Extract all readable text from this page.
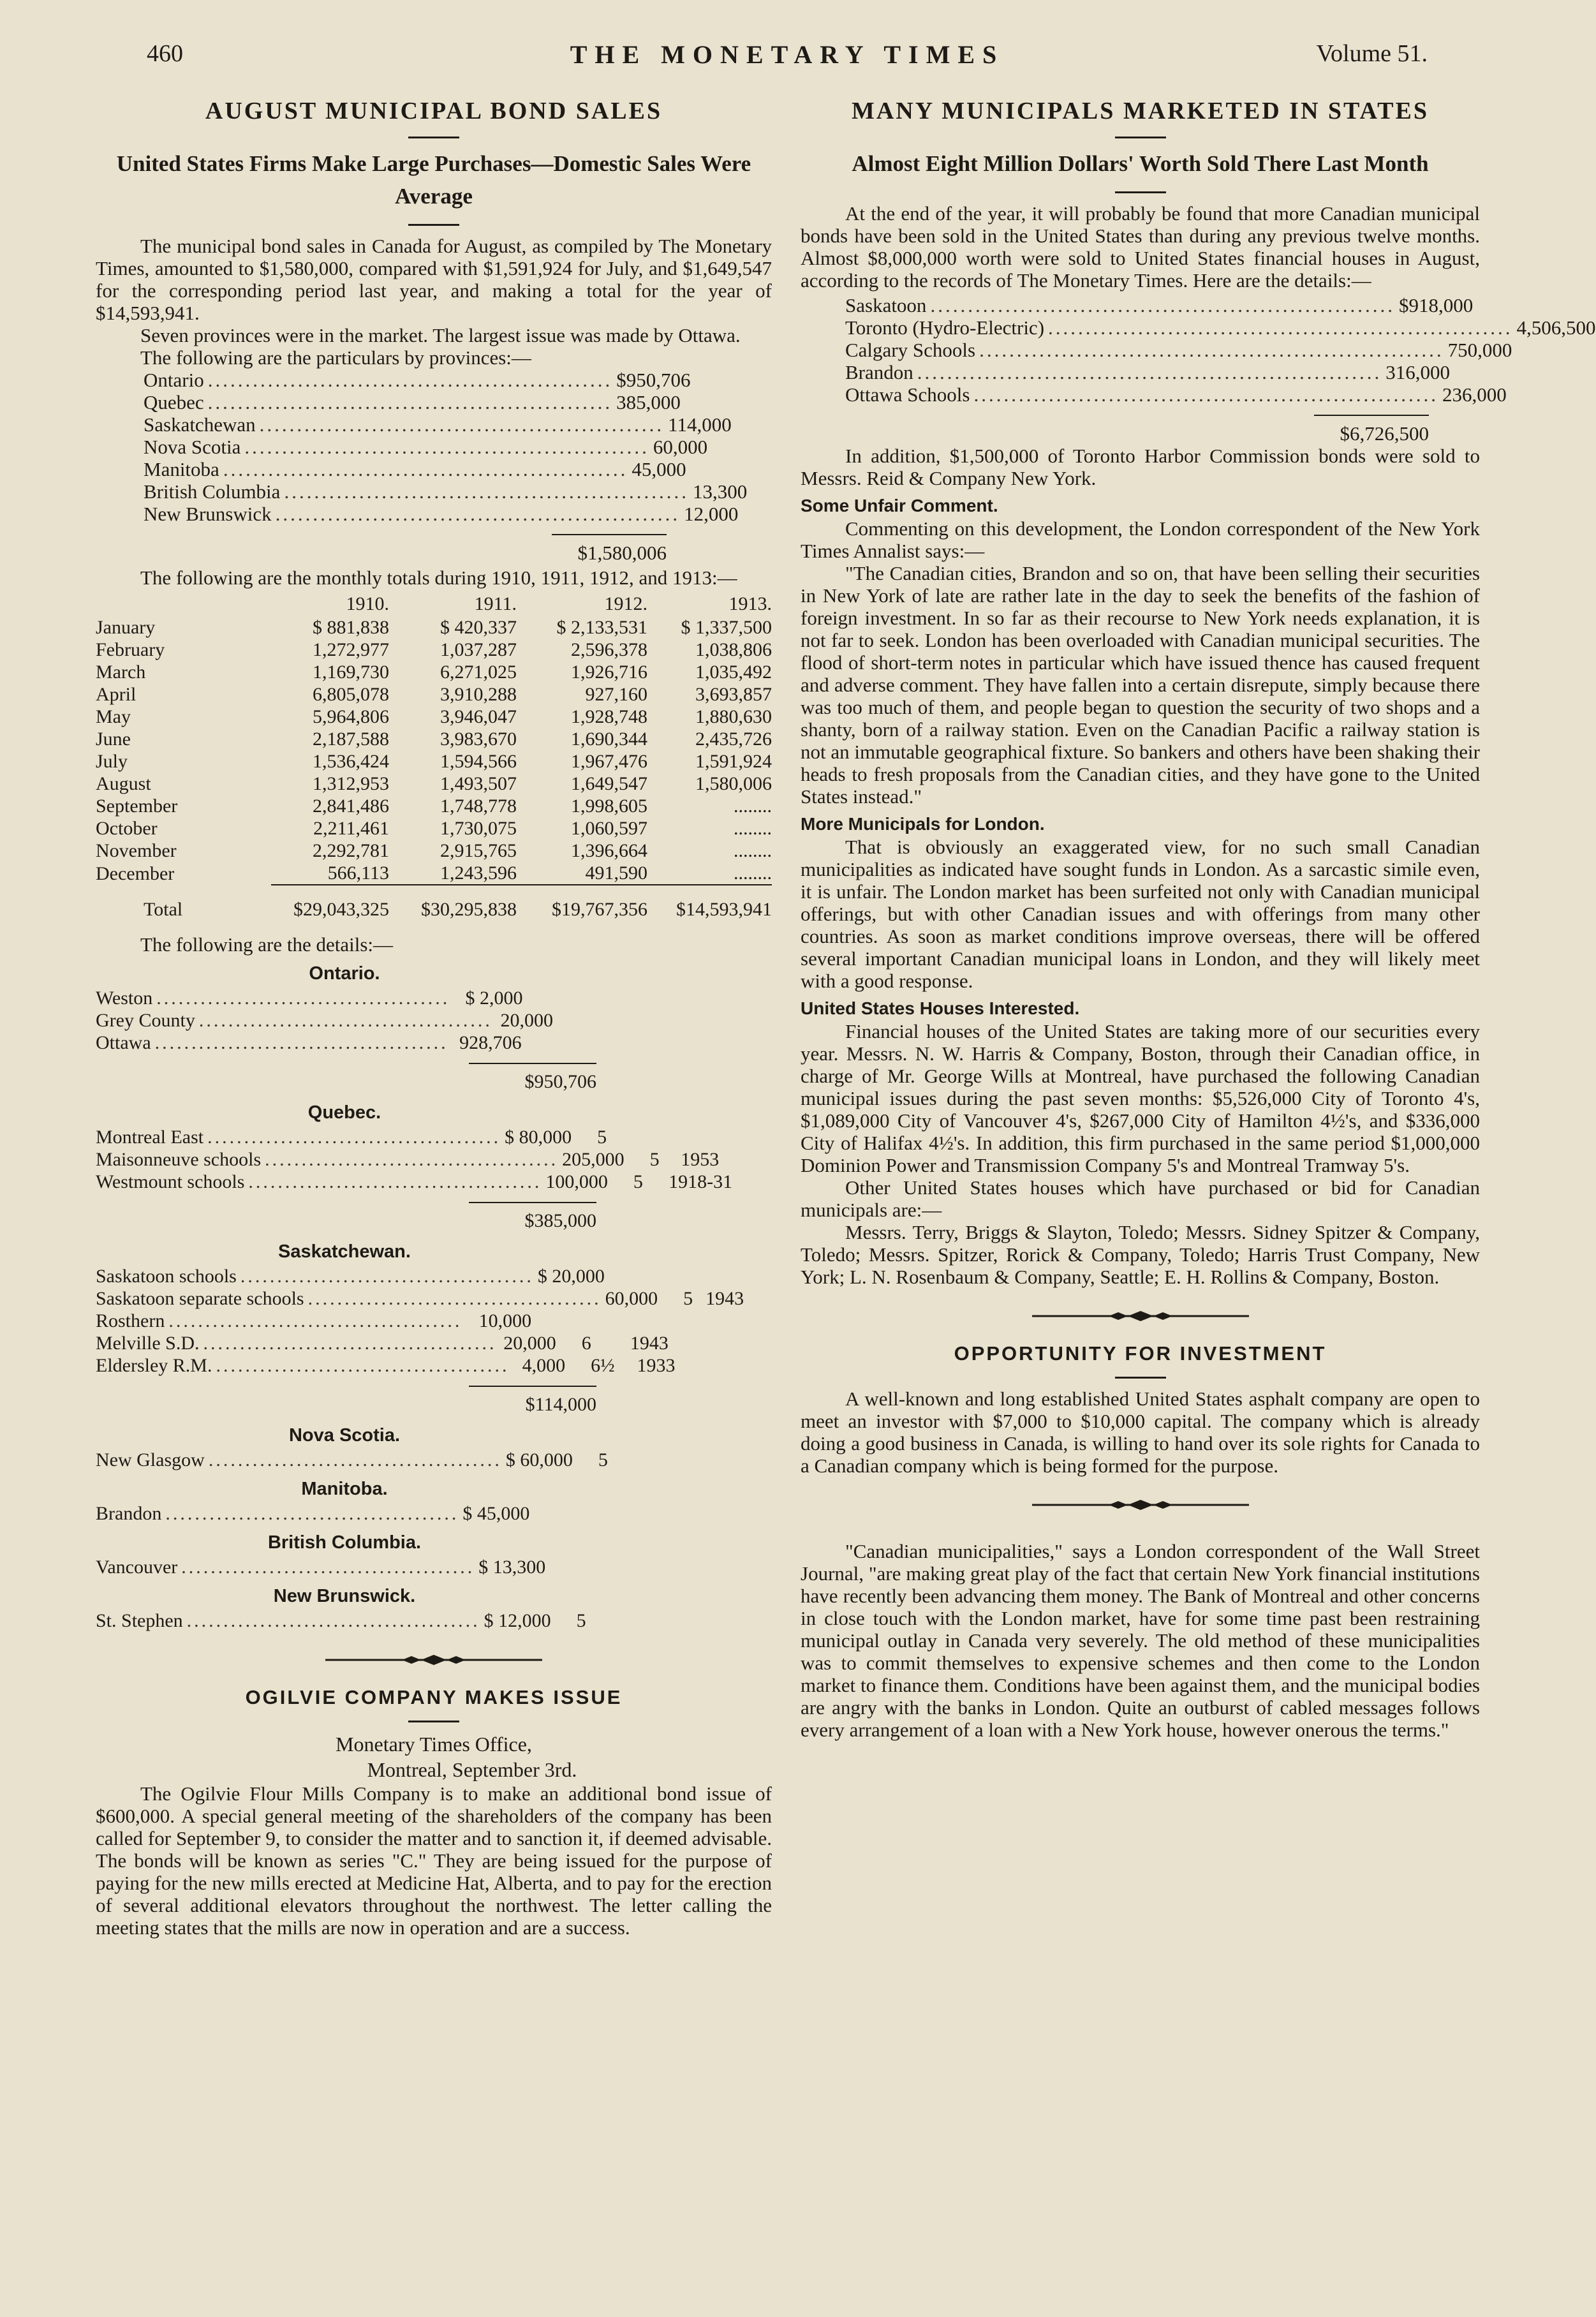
460	THE MONETARY TIMES	Volume 51.
AUGUST MUNICIPAL BOND SALES
United States Firms Make Large Purchases—Domestic Sales Were Average

The municipal bond sales in Canada for August, as compiled by The Monetary Times, amounted to $1,580,000, compared with $1,591,924 for July, and $1,649,547 for the corresponding period last year, and making a total for the year of $14,593,941.

Seven provinces were in the market. The largest issue was made by Ottawa.

The following are the particulars by provinces:—

Ontario ...................................................... $950,706
Quebec ...................................................... 385,000
Saskatchewan ...................................................... 114,000
Nova Scotia ...................................................... 60,000
Manitoba ...................................................... 45,000
British Columbia ...................................................... 13,300
New Brunswick ...................................................... 12,000
$1,580,006

The following are the monthly totals during 1910, 1911, 1912, and 1913:—

	1910.	1911.	1912.	1913.
January	$ 881,838	$ 420,337	$ 2,133,531	$ 1,337,500
February	1,272,977	1,037,287	2,596,378	1,038,806
March	1,169,730	6,271,025	1,926,716	1,035,492
April	6,805,078	3,910,288	927,160	3,693,857
May	5,964,806	3,946,047	1,928,748	1,880,630
June	2,187,588	3,983,670	1,690,344	2,435,726
July	1,536,424	1,594,566	1,967,476	1,591,924
August	1,312,953	1,493,507	1,649,547	1,580,006
September	2,841,486	1,748,778	1,998,605	........
October	2,211,461	1,730,075	1,060,597	........
November	2,292,781	2,915,765	1,396,664	........
December	566,113	1,243,596	491,590	........
Total	$29,043,325	$30,295,838	$19,767,356	$14,593,941

The following are the details:—

Ontario.
Weston ........................................ $ 2,000
Grey County ........................................ 20,000
Ottawa ........................................ 928,706
$950,706
Quebec.
Montreal East ........................................ $ 80,000	5
Maisonneuve schools ........................................ 205,000	5	1953
Westmount schools ........................................ 100,000	5	1918-31
$385,000
Saskatchewan.
Saskatoon schools ........................................ $ 20,000
Saskatoon separate schools ........................................ 60,000	5 1943
Rosthern ........................................ 10,000
Melville S.D. ........................................ 20,000	6	1943
Eldersley R.M. ........................................ 4,000	6½	1933
$114,000
Nova Scotia.
New Glasgow ........................................ $ 60,000	5
Manitoba.
Brandon ........................................ $ 45,000
British Columbia.
Vancouver ........................................ $ 13,300
New Brunswick.
St. Stephen ........................................ $ 12,000	5
OGILVIE COMPANY MAKES ISSUE
Monetary Times Office,
Montreal, September 3rd.

The Ogilvie Flour Mills Company is to make an additional bond issue of $600,000. A special general meeting of the shareholders of the company has been called for September 9, to consider the matter and to sanction it, if deemed advisable. The bonds will be known as series "C." They are being issued for the purpose of paying for the new mills erected at Medicine Hat, Alberta, and to pay for the erection of several additional elevators throughout the northwest. The letter calling the meeting states that the mills are now in operation and are a success.

MANY MUNICIPALS MARKETED IN STATES
Almost Eight Million Dollars' Worth Sold There Last Month

At the end of the year, it will probably be found that more Canadian municipal bonds have been sold in the United States than during any previous twelve months. Almost $8,000,000 worth were sold to United States financial houses in August, according to the records of The Monetary Times. Here are the details:—

Saskatoon .............................................................. $918,000
Toronto (Hydro-Electric) .............................................................. 4,506,500
Calgary Schools .............................................................. 750,000
Brandon .............................................................. 316,000
Ottawa Schools .............................................................. 236,000
$6,726,500

In addition, $1,500,000 of Toronto Harbor Commission bonds were sold to Messrs. Reid & Company New York.

Some Unfair Comment.

Commenting on this development, the London correspondent of the New York Times Annalist says:—

"The Canadian cities, Brandon and so on, that have been selling their securities in New York of late are rather late in the day to seek the benefits of the fashion of foreign investment. In so far as their recourse to New York needs explanation, it is not far to seek. London has been overloaded with Canadian municipal securities. The flood of short-term notes in particular which have issued thence has caused frequent and adverse comment. They have fallen into a certain disrepute, simply because there was too much of them, and people began to question the security of two shops and a shanty, born of a railway station. Even on the Canadian Pacific a railway station is not an immutable geographical fixture. So bankers and others have been shaking their heads to fresh proposals from the Canadian cities, and they have gone to the United States instead."

More Municipals for London.

That is obviously an exaggerated view, for no such small Canadian municipalities as indicated have sought funds in London. As a sarcastic simile even, it is unfair. The London market has been surfeited not only with Canadian municipal offerings, but with other Canadian issues and with offerings from many other countries. As soon as market conditions improve overseas, there will be offered several important Canadian municipal loans in London, and they will likely meet with a good response.

United States Houses Interested.

Financial houses of the United States are taking more of our securities every year. Messrs. N. W. Harris & Company, Boston, through their Canadian office, in charge of Mr. George Wills at Montreal, have purchased the following Canadian municipal issues during the past seven months: $5,526,000 City of Toronto 4's, $1,089,000 City of Vancouver 4's, $267,000 City of Hamilton 4½'s, and $336,000 City of Halifax 4½'s. In addition, this firm purchased in the same period $1,000,000 Dominion Power and Transmission Company 5's and Montreal Tramway 5's.

Other United States houses which have purchased or bid for Canadian municipals are:—

Messrs. Terry, Briggs & Slayton, Toledo; Messrs. Sidney Spitzer & Company, Toledo; Messrs. Spitzer, Rorick & Company, Toledo; Harris Trust Company, New York; L. N. Rosenbaum & Company, Seattle; E. H. Rollins & Company, Boston.

OPPORTUNITY FOR INVESTMENT

A well-known and long established United States asphalt company are open to meet an investor with $7,000 to $10,000 capital. The company which is already doing a good business in Canada, is willing to hand over its sole rights for Canada to a Canadian company which is being formed for the purpose.

"Canadian municipalities," says a London correspondent of the Wall Street Journal, "are making great play of the fact that certain New York financial institutions have recently been advancing them money. The Bank of Montreal and other concerns in close touch with the London market, have for some time past been restraining municipal outlay in Canada very severely. The old method of these municipalities was to commit themselves to expensive schemes and then come to the London market to finance them. Conditions have been against them, and the municipal bodies are angry with the banks in London. Quite an outburst of cabled messages follows every arrangement of a loan with a New York house, however onerous the terms."
